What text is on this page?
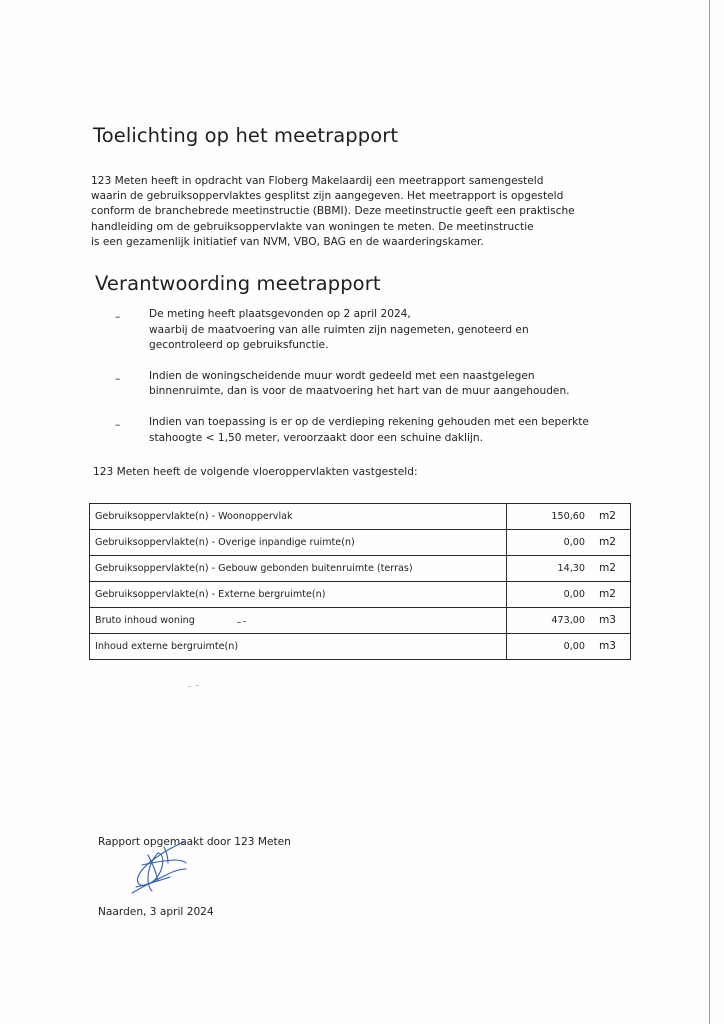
Toelichting op het meetrapport
123 Meten heeft in opdracht van Floberg Makelaardij een meetrapport samengesteld
waarin de gebruiksoppervlaktes gesplitst zijn aangegeven. Het meetrapport is opgesteld
conform de branchebrede meetinstructie (BBMI). Deze meetinstructie geeft een praktische
handleiding om de gebruiksoppervlakte van woningen te meten. De meetinstructie
is een gezamenlijk initiatief van NVM, VBO, BAG en de waarderingskamer.
Verantwoording meetrapport
–	De meting heeft plaatsgevonden op 2 april 2024,
waarbij de maatvoering van alle ruimten zijn nagemeten, genoteerd en
gecontroleerd op gebruiksfunctie.
–	Indien de woningscheidende muur wordt gedeeld met een naastgelegen
binnenruimte, dan is voor de maatvoering het hart van de muur aangehouden.
–	Indien van toepassing is er op de verdieping rekening gehouden met een beperkte
stahoogte < 1,50 meter, veroorzaakt door een schuine daklijn.
123 Meten heeft de volgende vloeroppervlakten vastgesteld:
Gebruiksoppervlakte(n) - Woonoppervlak	150,60 m2

Gebruiksoppervlakte(n) - Overige inpandige ruimte(n)	0,00 m2

Gebruiksoppervlakte(n) - Gebouw gebonden buitenruimte (terras)	14,30 m2

Gebruiksoppervlakte(n) - Externe bergruimte(n)	0,00 m2

Bruto inhoud woning	473,00 m3

Inhoud externe bergruimte(n)	0,00 m3
Rapport opgemaakt door 123 Meten
Naarden, 3 april 2024
